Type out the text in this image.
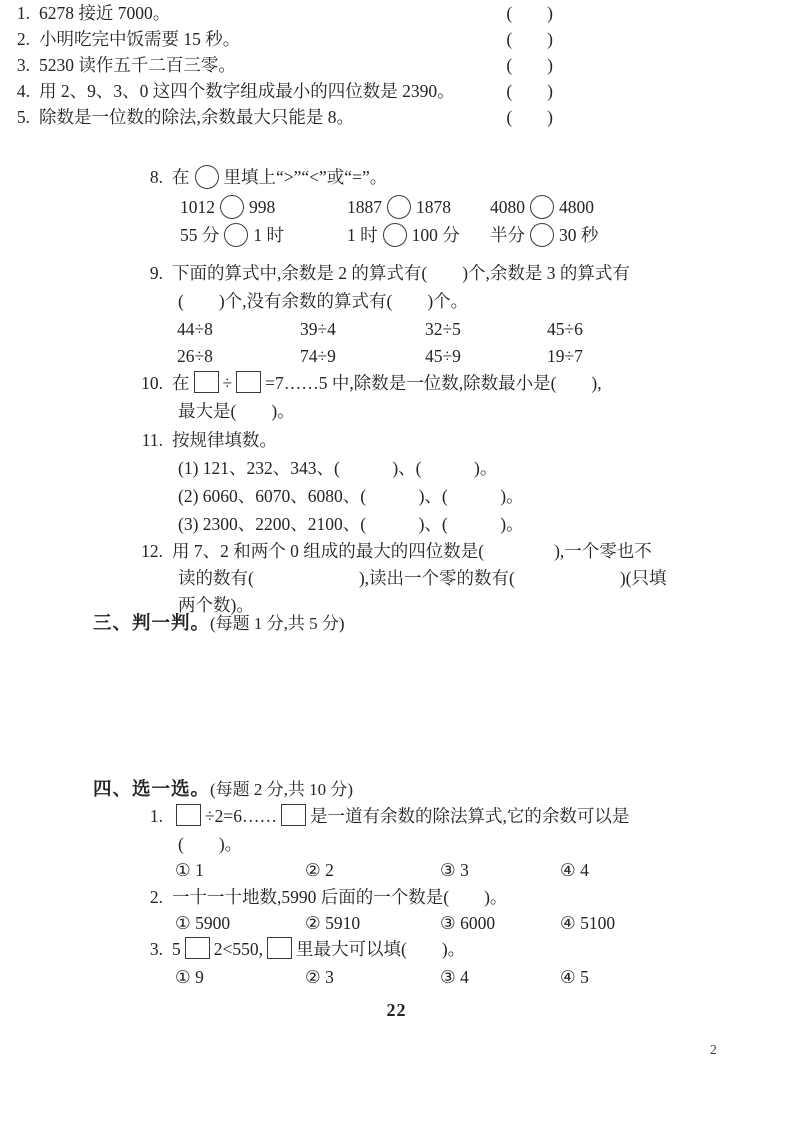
8. 在 里填上“>”“<”或“=”。
1012 998	1887 1878	4080 4800
55 分 1 时	1 时 100 分	半分 30 秒
9. 下面的算式中,余数是 2 的算式有(　　)个,余数是 3 的算式有
(　　)个,没有余数的算式有(　　)个。
44÷8	39÷4	32÷5	45÷6
26÷8	74÷9	45÷9	19÷7
10. 在 ÷ =7……5 中,除数是一位数,除数最小是(　　),
最大是(　　)。
11. 按规律填数。
(1) 121、232、343、(　　　)、(　　　)。
(2) 6060、6070、6080、(　　　)、(　　　)。
(3) 2300、2200、2100、(　　　)、(　　　)。
12. 用 7、2 和两个 0 组成的最大的四位数是(　　　　),一个零也不
读的数有(　　　　　　),读出一个零的数有(　　　　　　)(只填
两个数)。
三、判一判。(每题 1 分,共 5 分)
1. 6278 接近 7000。	(　　)
2. 小明吃完中饭需要 15 秒。	(　　)
3. 5230 读作五千二百三零。	(　　)
4. 用 2、9、3、0 这四个数字组成最小的四位数是 2390。	(　　)
5. 除数是一位数的除法,余数最大只能是 8。	(　　)
四、选一选。(每题 2 分,共 10 分)
1. ÷2=6…… 是一道有余数的除法算式,它的余数可以是
(　　)。
① 1	② 2	③ 3	④ 4
2. 一十一十地数,5990 后面的一个数是(　　)。
① 5900	② 5910	③ 6000	④ 5100
3. 5 2<550, 里最大可以填(　　)。
① 9	② 3	③ 4	④ 5
22
2
